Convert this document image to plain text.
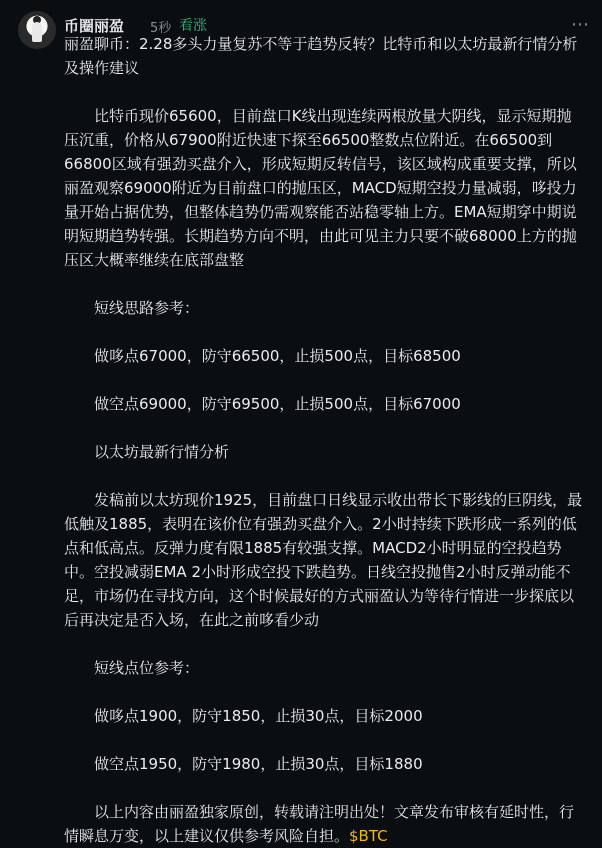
币圈丽盈 5秒 看涨	⋯

丽盈聊币：2.28多头力量复苏不等于趋势反转？比特币和以太坊最新行情分析及操作建议

比特币现价65600，目前盘口K线出现连续两根放量大阴线，显示短期抛压沉重，价格从67900附近快速下探至66500整数点位附近。在66500到66800区域有强劲买盘介入，形成短期反转信号，该区域构成重要支撑，所以丽盈观察69000附近为目前盘口的抛压区，MACD短期空投力量减弱，哆投力量开始占据优势，但整体趋势仍需观察能否站稳零轴上方。EMA短期穿中期说明短期趋势转强。长期趋势方向不明，由此可见主力只要不破68000上方的抛压区大概率继续在底部盘整

短线思路参考：

做哆点67000，防守66500，止损500点，目标68500

做空点69000，防守69500，止损500点，目标67000

以太坊最新行情分析

发稿前以太坊现价1925，目前盘口日线显示收出带长下影线的巨阴线，最低触及1885，表明在该价位有强劲买盘介入。2小时持续下跌形成一系列的低点和低高点。反弹力度有限1885有较强支撑。MACD2小时明显的空投趋势中。空投减弱EMA 2小时形成空投下跌趋势。日线空投抛售2小时反弹动能不足，市场仍在寻找方向，这个时候最好的方式丽盈认为等待行情进一步探底以后再决定是否入场，在此之前哆看少动

短线点位参考：

做哆点1900，防守1850，止损30点，目标2000

做空点1950，防守1980，止损30点，目标1880

以上内容由丽盈独家原创，转载请注明出处！文章发布审核有延时性，行情瞬息万变，以上建议仅供参考风险自担。$BTC
